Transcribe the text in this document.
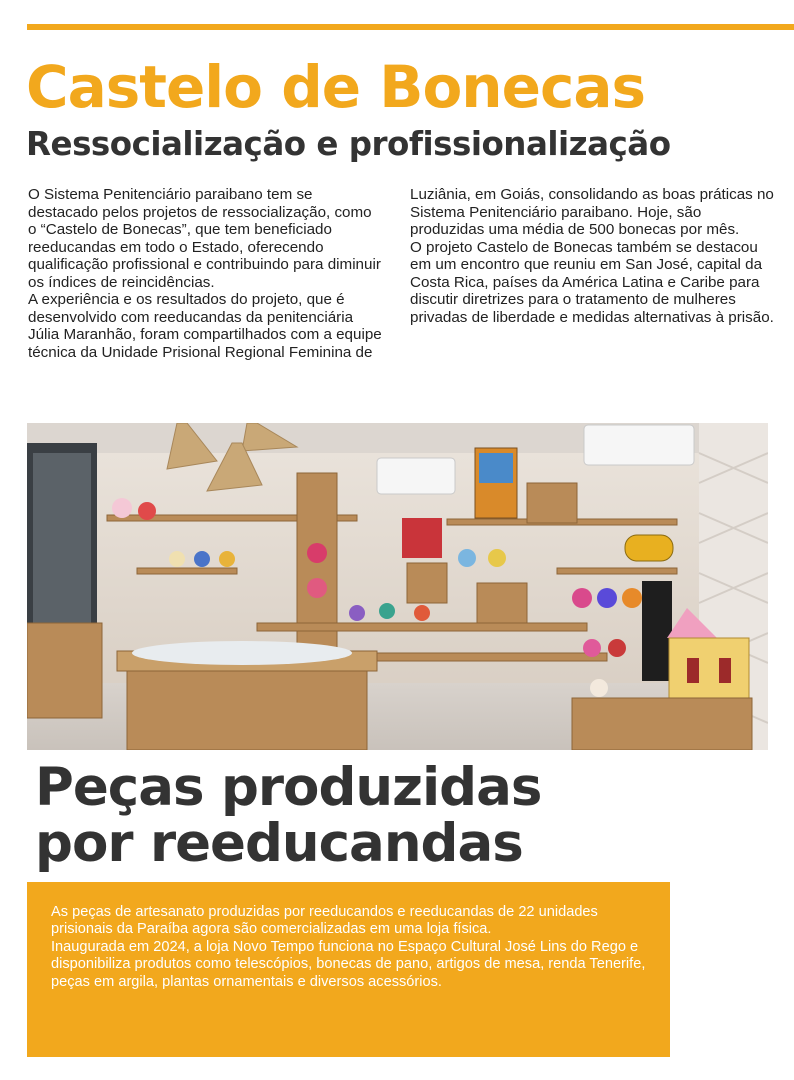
Castelo de Bonecas
Ressocialização e profissionalização

O Sistema Penitenciário paraibano tem se destacado pelos projetos de ressocialização, como o “Castelo de Bonecas”, que tem beneficiado reeducandas em todo o Estado, oferecendo qualificação profissional e contribuindo para diminuir os índices de reincidências.

A experiência e os resultados do projeto, que é desenvolvido com reeducandas da penitenciária Júlia Maranhão, foram compartilhados com a equipe técnica da Unidade Prisional Regional Feminina de

Luziânia, em Goiás, consolidando as boas práticas no Sistema Penitenciário paraibano. Hoje, são produzidas uma média de 500 bonecas por mês.

O projeto Castelo de Bonecas também se destacou em um encontro que reuniu em San José, capital da Costa Rica, países da América Latina e Caribe para discutir diretrizes para o tratamento de mulheres privadas de liberdade e medidas alternativas à prisão.

Peças produzidas
por reeducandas

As peças de artesanato produzidas por reeducandos e reeducandas de 22 unidades prisionais da Paraíba agora são comercializadas em uma loja física.

Inaugurada em 2024, a loja Novo Tempo funciona no Espaço Cultural José Lins do Rego e disponibiliza produtos como telescópios, bonecas de pano, artigos de mesa, renda Tenerife, peças em argila, plantas ornamentais e diversos acessórios.
